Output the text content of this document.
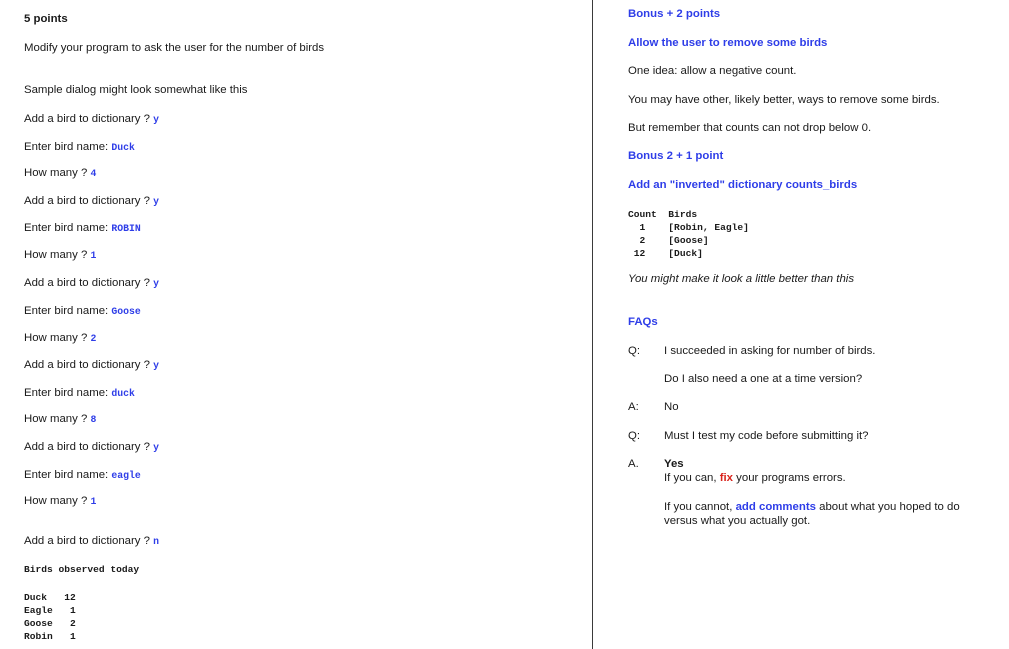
5 points
Modify your program to ask the user for the number of birds
Sample dialog might look somewhat like this
Add a bird to dictionary ? y
Enter bird name: Duck
How many ? 4
Add a bird to dictionary ? y
Enter bird name: ROBIN
How many ? 1
Add a bird to dictionary ? y
Enter bird name: Goose
How many ? 2
Add a bird to dictionary ? y
Enter bird name: duck
How many ? 8
Add a bird to dictionary ? y
Enter bird name: eagle
How many ? 1
Add a bird to dictionary ? n
Birds observed today
Duck   12
Eagle   1
Goose   2
Robin   1
Bonus + 2 points
Allow the user to remove some birds
One idea: allow a negative count.
You may have other, likely better, ways to remove some birds.
But remember that counts can not drop below 0.
Bonus 2 + 1 point
Add an "inverted" dictionary counts_birds
Count  Birds
1    [Robin, Eagle]
2    [Goose]
12    [Duck]
You might make it look a little better than this
FAQs
Q: I succeeded in asking for number of birds.
Do I also need a one at a time version?
A: No
Q: Must I test my code before submitting it?
A. Yes
If you can, fix your programs errors.
If you cannot, add comments about what you hoped to do
versus what you actually got.
